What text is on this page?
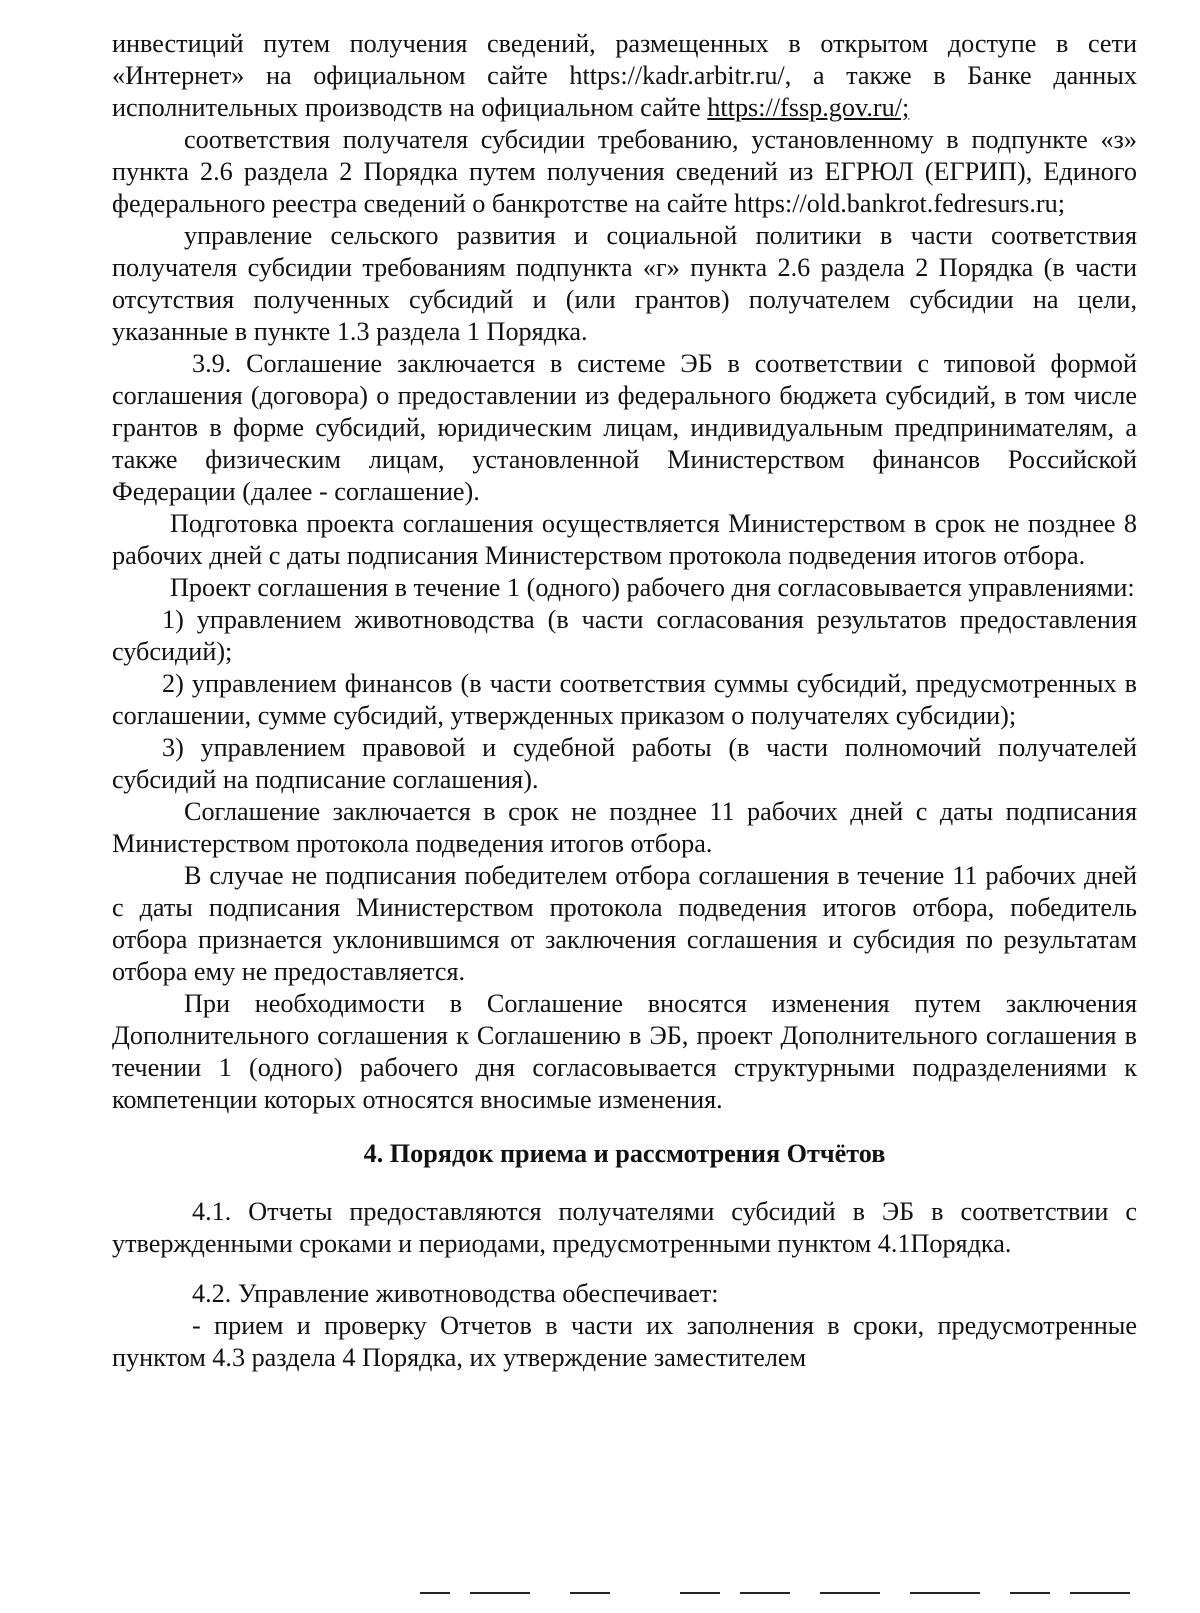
инвестиций путем получения сведений, размещенных в открытом доступе в сети «Интернет» на официальном сайте https://kadr.arbitr.ru/, а также в Банке данных исполнительных производств на официальном сайте https://fssp.gov.ru/;

соответствия получателя субсидии требованию, установленному в подпункте «з» пункта 2.6 раздела 2 Порядка путем получения сведений из ЕГРЮЛ (ЕГРИП), Единого федерального реестра сведений о банкротстве на сайте https://old.bankrot.fedresurs.ru;

управление сельского развития и социальной политики в части соответствия получателя субсидии требованиям подпункта «г» пункта 2.6 раздела 2 Порядка (в части отсутствия полученных субсидий и (или грантов) получателем субсидии на цели, указанные в пункте 1.3 раздела 1 Порядка.

3.9. Соглашение заключается в системе ЭБ в соответствии с типовой формой соглашения (договора) о предоставлении из федерального бюджета субсидий, в том числе грантов в форме субсидий, юридическим лицам, индивидуальным предпринимателям, а также физическим лицам, установленной Министерством финансов Российской Федерации (далее - соглашение).

Подготовка проекта соглашения осуществляется Министерством в срок не позднее 8 рабочих дней с даты подписания Министерством протокола подведения итогов отбора.

Проект соглашения в течение 1 (одного) рабочего дня согласовывается управлениями:

1) управлением животноводства (в части согласования результатов предоставления субсидий);

2) управлением финансов (в части соответствия суммы субсидий, предусмотренных в соглашении, сумме субсидий, утвержденных приказом о получателях субсидии);

3) управлением правовой и судебной работы (в части полномочий получателей субсидий на подписание соглашения).

Соглашение заключается в срок не позднее 11 рабочих дней с даты подписания Министерством протокола подведения итогов отбора.

В случае не подписания победителем отбора соглашения в течение 11 рабочих дней с даты подписания Министерством протокола подведения итогов отбора, победитель отбора признается уклонившимся от заключения соглашения и субсидия по результатам отбора ему не предоставляется.

При необходимости в Соглашение вносятся изменения путем заключения Дополнительного соглашения к Соглашению в ЭБ, проект Дополнительного соглашения в течении 1 (одного) рабочего дня согласовывается структурными подразделениями к компетенции которых относятся вносимые изменения.

4. Порядок приема и рассмотрения Отчётов

4.1. Отчеты предоставляются получателями субсидий в ЭБ в соответствии с утвержденными сроками и периодами, предусмотренными пунктом 4.1Порядка.

4.2. Управление животноводства обеспечивает:

- прием и проверку Отчетов в части их заполнения в сроки, предусмотренные пунктом 4.3 раздела 4 Порядка, их утверждение заместителем
